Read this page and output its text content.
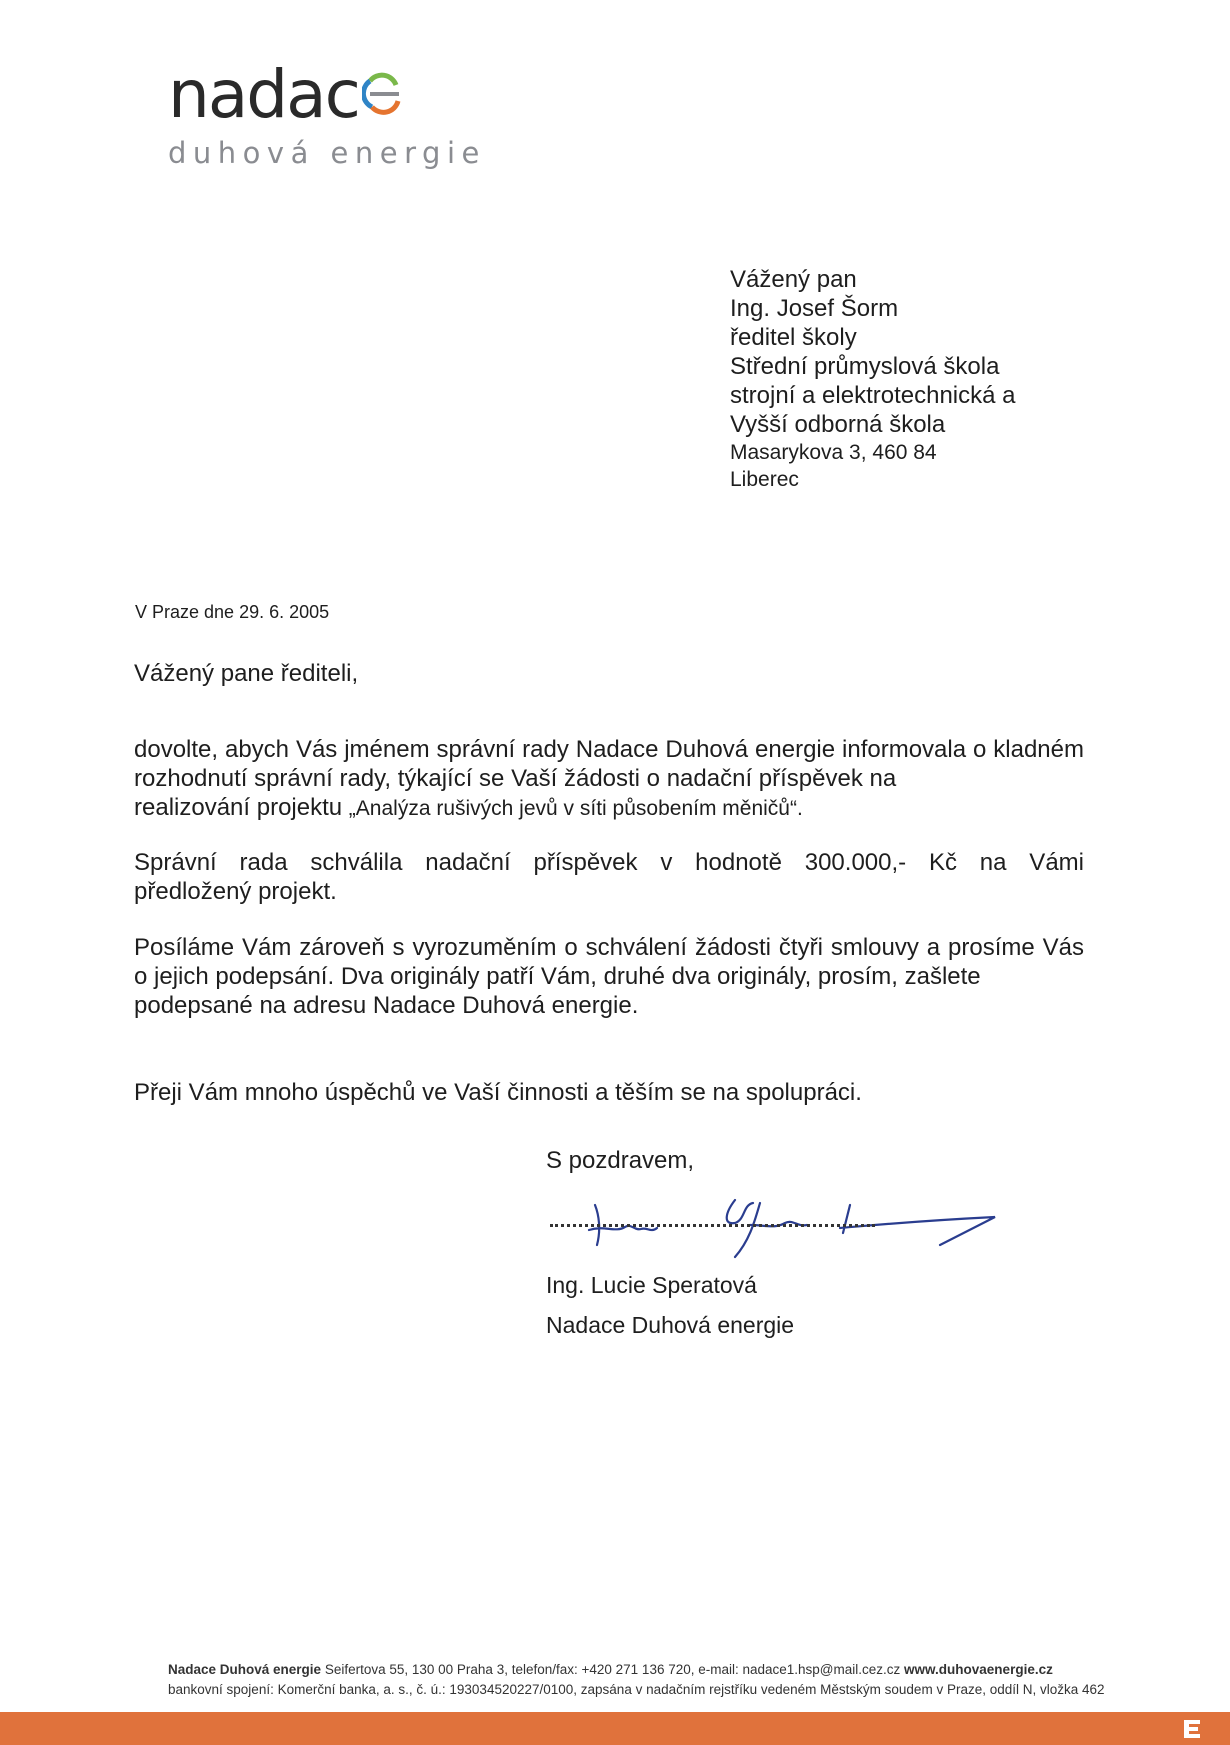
nadac
duhová energie
Vážený pan
Ing. Josef Šorm
ředitel školy
Střední průmyslová škola
strojní a elektrotechnická a
Vyšší odborná škola
Masarykova 3, 460 84
Liberec
V Praze dne 29. 6. 2005
Vážený pane řediteli,
dovolte, abych Vás jménem správní rady Nadace Duhová energie informovala o kladném rozhodnutí správní rady, týkající se Vaší žádosti o nadační příspěvek na
realizování projektu „Analýza rušivých jevů v síti působením měničů“.
Správní rada schválila nadační příspěvek v hodnotě 300.000,- Kč na Vámi
předložený projekt.
Posíláme Vám zároveň s vyrozuměním o schválení žádosti čtyři smlouvy a prosíme Vás o jejich podepsání. Dva originály patří Vám, druhé dva originály, prosím, zašlete
podepsané na adresu Nadace Duhová energie.
Přeji Vám mnoho úspěchů ve Vaší činnosti a těším se na spolupráci.
S pozdravem,
Ing. Lucie Speratová
Nadace Duhová energie
Nadace Duhová energie Seifertova 55, 130 00 Praha 3, telefon/fax: +420 271 136 720, e-mail: nadace1.hsp@mail.cez.cz www.duhovaenergie.cz
bankovní spojení: Komerční banka, a. s., č. ú.: 193034520227/0100, zapsána v nadačním rejstříku vedeném Městským soudem v Praze, oddíl N, vložka 462
